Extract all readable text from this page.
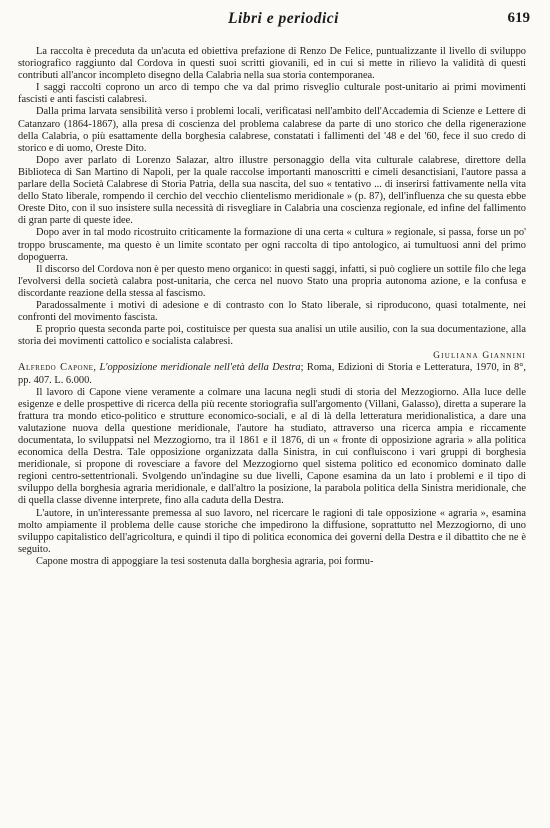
Libri e periodici	619

La raccolta è preceduta da un'acuta ed obiettiva prefazione di Renzo De Felice, puntualizzante il livello di sviluppo storiografico raggiunto dal Cordova in questi suoi scritti giovanili, ed in cui si mette in rilievo la validità di questi contributi all'ancor incompleto disegno della Calabria nella sua storia contemporanea.

I saggi raccolti coprono un arco di tempo che va dal primo risveglio culturale post-unitario ai primi movimenti fascisti e anti fascisti calabresi.

Dalla prima larvata sensibilità verso i problemi locali, verificatasi nell'ambito dell'Accademia di Scienze e Lettere di Catanzaro (1864-1867), alla presa di coscienza del problema calabrese da parte di uno storico che della rigenerazione della Calabria, o più esattamente della borghesia calabrese, constatati i fallimenti del '48 e del '60, fece il suo credo di storico e di uomo, Oreste Dito.

Dopo aver parlato di Lorenzo Salazar, altro illustre personaggio della vita culturale calabrese, direttore della Biblioteca di San Martino di Napoli, per la quale raccolse importanti manoscritti e cimeli desanctisiani, l'autore passa a parlare della Società Calabrese di Storia Patria, della sua nascita, del suo « tentativo ... di inserirsi fattivamente nella vita dello Stato liberale, rompendo il cerchio del vecchio clientelismo meridionale » (p. 87), dell'influenza che su questa ebbe Oreste Dito, con il suo insistere sulla necessità di risvegliare in Calabria una coscienza regionale, ed infine del fallimento di gran parte di queste idee.

Dopo aver in tal modo ricostruito criticamente la formazione di una certa « cultura » regionale, si passa, forse un po' troppo bruscamente, ma questo è un limite scontato per ogni raccolta di tipo antologico, ai tumultuosi anni del primo dopoguerra.

Il discorso del Cordova non è per questo meno organico: in questi saggi, infatti, si può cogliere un sottile filo che lega l'evolversi della società calabra post-unitaria, che cerca nel nuovo Stato una propria autonoma azione, e la confusa e discordante reazione della stessa al fascismo.

Paradossalmente i motivi di adesione e di contrasto con lo Stato liberale, si riproducono, quasi totalmente, nei confronti del movimento fascista.

E proprio questa seconda parte poi, costituisce per questa sua analisi un utile ausilio, con la sua documentazione, alla storia dei movimenti cattolico e socialista calabresi.

Giuliana Giannini

Alfredo Capone, L'opposizione meridionale nell'età della Destra; Roma, Edizioni di Storia e Letteratura, 1970, in 8°, pp. 407. L. 6.000.

Il lavoro di Capone viene veramente a colmare una lacuna negli studi di storia del Mezzogiorno. Alla luce delle esigenze e delle prospettive di ricerca della più recente storiografia sull'argomento (Villani, Galasso), diretta a superare la frattura tra mondo etico-politico e strutture economico-sociali, e al di là della letteratura meridionalistica, a dare una valutazione nuova della questione meridionale, l'autore ha studiato, attraverso una ricerca ampia e riccamente documentata, lo sviluppatsi nel Mezzogiorno, tra il 1861 e il 1876, di un « fronte di opposizione agraria » alla politica economica della Destra. Tale opposizione organizzata dalla Sinistra, in cui confluiscono i vari gruppi di borghesia meridionale, si propone di rovesciare a favore del Mezzogiorno quel sistema politico ed economico dominato dalle regioni centro-settentrionali. Svolgendo un'indagine su due livelli, Capone esamina da un lato i problemi e il tipo di sviluppo della borghesia agraria meridionale, e dall'altro la posizione, la parabola politica della Sinistra meridionale, che di quella classe divenne interprete, fino alla caduta della Destra.

L'autore, in un'interessante premessa al suo lavoro, nel ricercare le ragioni di tale opposizione « agraria », esamina molto ampiamente il problema delle cause storiche che impedirono la diffusione, soprattutto nel Mezzogiorno, di uno sviluppo capitalistico dell'agricoltura, e quindi il tipo di politica economica dei governi della Destra e il dibattito che ne è seguito.

Capone mostra di appoggiare la tesi sostenuta dalla borghesia agraria, poi formu-
